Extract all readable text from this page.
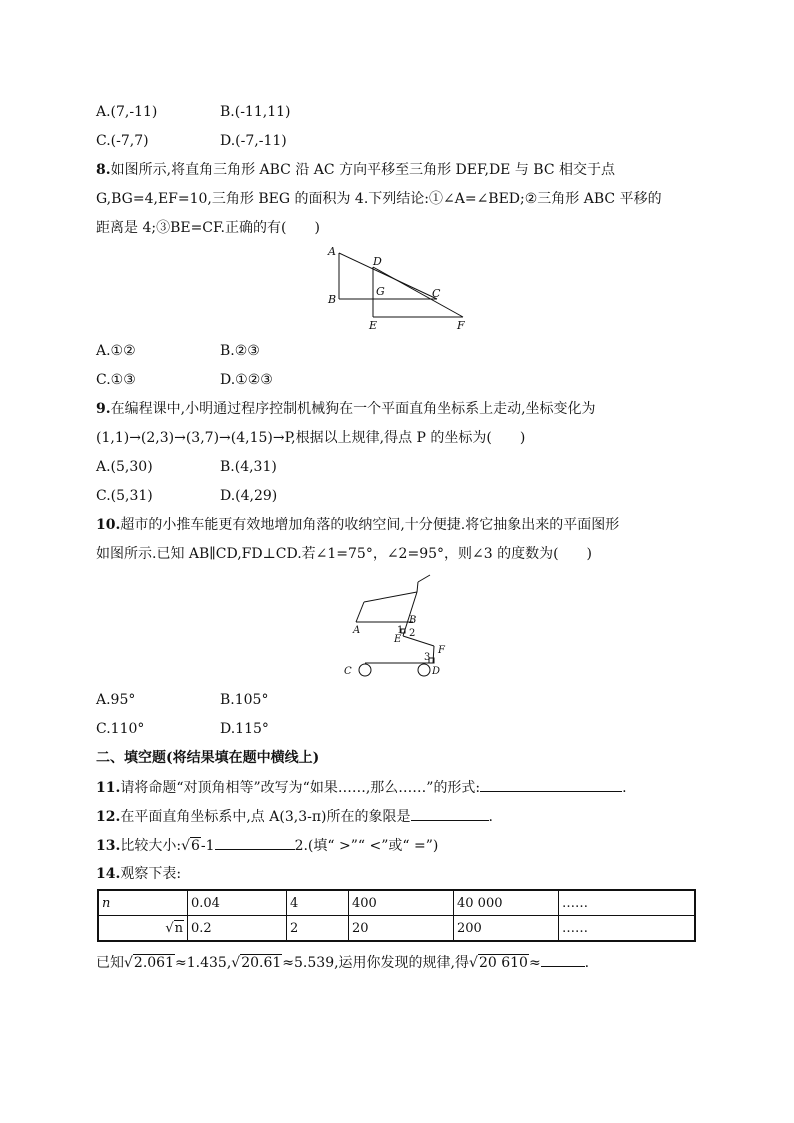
A.(7,-11)	B.(-11,11)
C.(-7,7)	D.(-7,-11)
8.如图所示,将直角三角形 ABC 沿 AC 方向平移至三角形 DEF,DE 与 BC 相交于点
G,BG=4,EF=10,三角形 BEG 的面积为 4.下列结论:①∠A=∠BED;②三角形 ABC 平移的
距离是 4;③BE=CF.正确的有(　　)
A
D
B
G	C
E	F
A.①②	B.②③
C.①③	D.①②③
9.在编程课中,小明通过程序控制机械狗在一个平面直角坐标系上走动,坐标变化为
(1,1)→(2,3)→(3,7)→(4,15)→P,根据以上规律,得点 P 的坐标为(　　)
A.(5,30)	B.(4,31)
C.(5,31)	D.(4,29)
10.超市的小推车能更有效地增加角落的收纳空间,十分便捷.将它抽象出来的平面图形
如图所示.已知 AB∥CD,FD⊥CD.若∠1=75°，∠2=95°，则∠3 的度数为(　　)
A
B
1 2
E
F
3
C	D
A.95°	B.105°
C.110°	D.115°
二、填空题(将结果填在题中横线上)
11.请将命题“对顶角相等”改写为“如果……,那么……”的形式:	.
12.在平面直角坐标系中,点 A(3,3-π)所在的象限是	.
13.比较大小:√6-1	2.(填“ >”“ <”或“ =”)
14.观察下表:
n	0.04	4	400	40 000	……
√n	0.2	2	20	200	……
已知√2.061≈1.435,√20.61≈5.539,运用你发现的规律,得√20 610≈	.
